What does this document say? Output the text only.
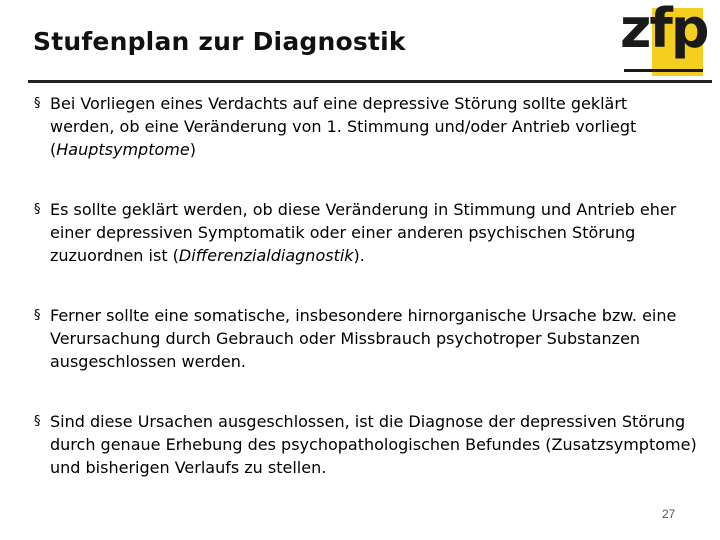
Stufenplan zur Diagnostik	zfp
§ Bei Vorliegen eines Verdachts auf eine depressive Störung sollte geklärt werden, ob eine Veränderung von 1. Stimmung und/oder Antrieb vorliegt (Hauptsymptome)
§ Es sollte geklärt werden, ob diese Veränderung in Stimmung und Antrieb eher einer depressiven Symptomatik oder einer anderen psychischen Störung zuzuordnen ist (Differenzialdiagnostik).
§ Ferner sollte eine somatische, insbesondere hirnorganische Ursache bzw. eine Verursachung durch Gebrauch oder Missbrauch psychotroper Substanzen ausgeschlossen werden.
§ Sind diese Ursachen ausgeschlossen, ist die Diagnose der depressiven Störung durch genaue Erhebung des psychopathologischen Befundes (Zusatzsymptome) und bisherigen Verlaufs zu stellen.
27
